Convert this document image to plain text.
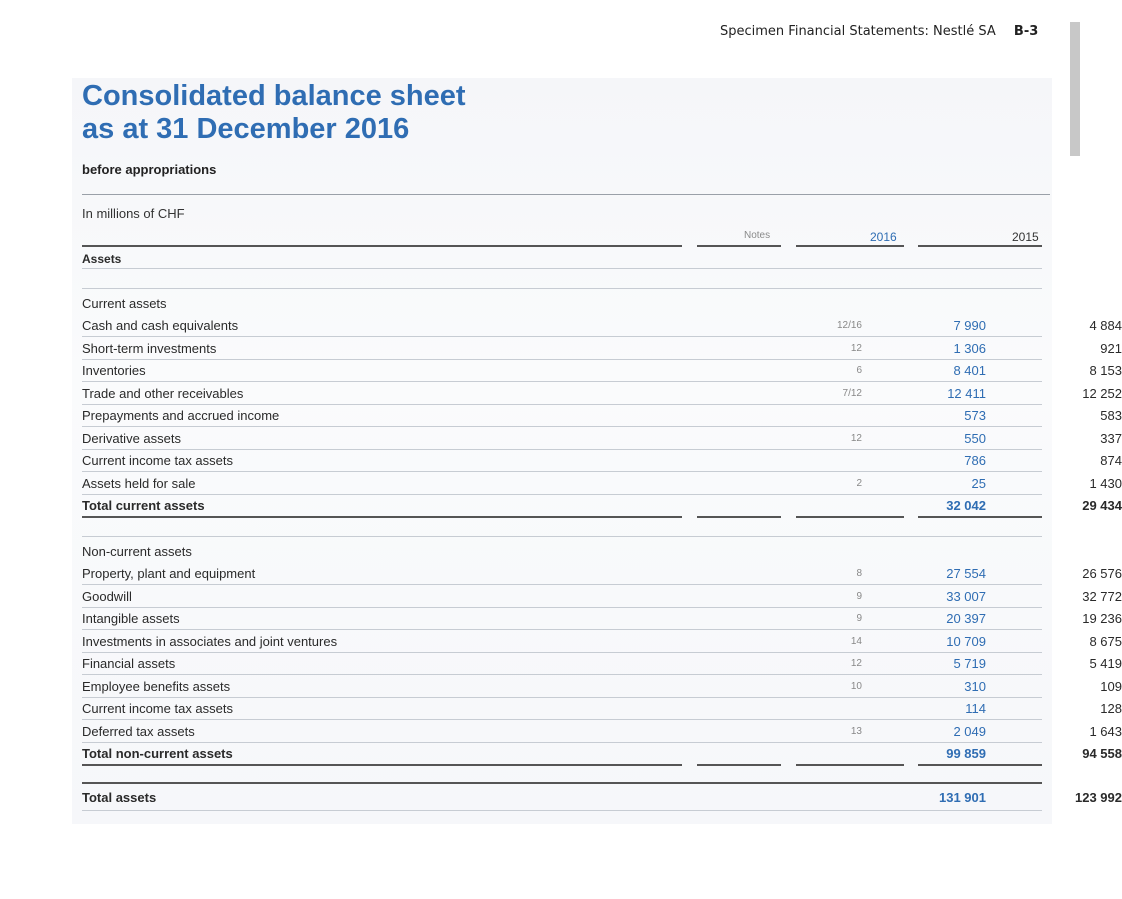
Specimen Financial Statements: Nestlé SA B-3
Consolidated balance sheet
as at 31 December 2016
before appropriations
In millions of CHF
Notes	2016	2015
Assets
Current assets
Cash and cash equivalents	12/16	7 990	4 884
Short-term investments	12	1 306	921
Inventories	6	8 401	8 153
Trade and other receivables	7/12	12 411	12 252
Prepayments and accrued income	573	583
Derivative assets	12	550	337
Current income tax assets	786	874
Assets held for sale	2	25	1 430
Total current assets	32 042	29 434
Non-current assets
Property, plant and equipment	8	27 554	26 576
Goodwill	9	33 007	32 772
Intangible assets	9	20 397	19 236
Investments in associates and joint ventures	14	10 709	8 675
Financial assets	12	5 719	5 419
Employee benefits assets	10	310	109
Current income tax assets	114	128
Deferred tax assets	13	2 049	1 643
Total non-current assets	99 859	94 558
Total assets	131 901	123 992
